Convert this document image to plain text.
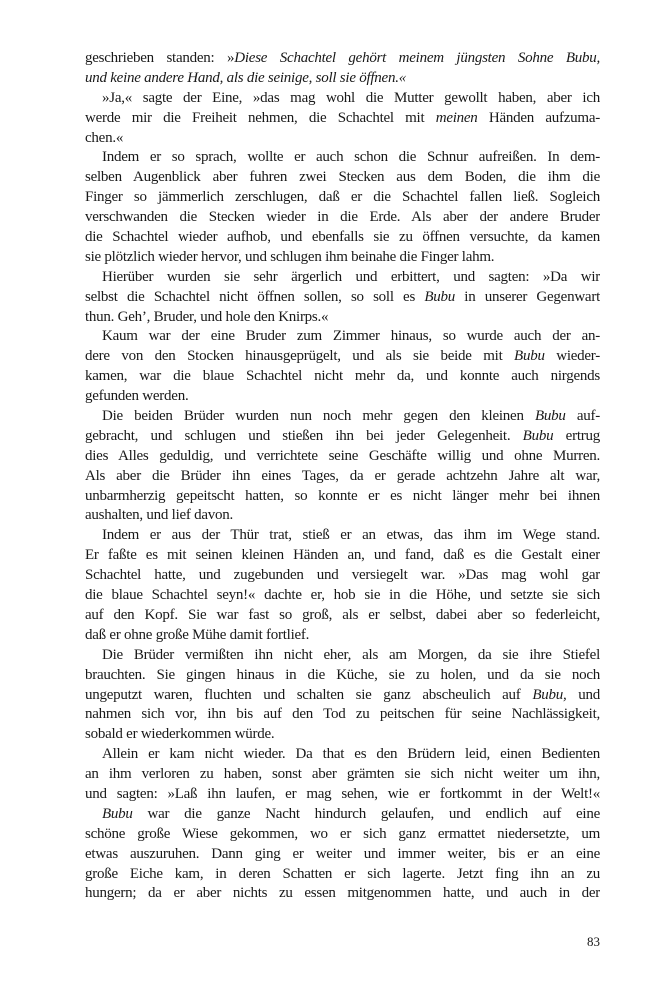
geschrieben standen: »Diese Schachtel gehört meinem jüngsten Sohne Bubu,
und keine andere Hand, als die seinige, soll sie öffnen.«
»Ja,« sagte der Eine, »das mag wohl die Mutter gewollt haben, aber ich
werde mir die Freiheit nehmen, die Schachtel mit meinen Händen aufzuma-
chen.«
Indem er so sprach, wollte er auch schon die Schnur aufreißen. In dem-
selben Augenblick aber fuhren zwei Stecken aus dem Boden, die ihm die
Finger so jämmerlich zerschlugen, daß er die Schachtel fallen ließ. Sogleich
verschwanden die Stecken wieder in die Erde. Als aber der andere Bruder
die Schachtel wieder aufhob, und ebenfalls sie zu öffnen versuchte, da kamen
sie plötzlich wieder hervor, und schlugen ihm beinahe die Finger lahm.
Hierüber wurden sie sehr ärgerlich und erbittert, und sagten: »Da wir
selbst die Schachtel nicht öffnen sollen, so soll es Bubu in unserer Gegenwart
thun. Geh’, Bruder, und hole den Knirps.«
Kaum war der eine Bruder zum Zimmer hinaus, so wurde auch der an-
dere von den Stocken hinausgeprügelt, und als sie beide mit Bubu wieder-
kamen, war die blaue Schachtel nicht mehr da, und konnte auch nirgends
gefunden werden.
Die beiden Brüder wurden nun noch mehr gegen den kleinen Bubu auf-
gebracht, und schlugen und stießen ihn bei jeder Gelegenheit. Bubu ertrug
dies Alles geduldig, und verrichtete seine Geschäfte willig und ohne Murren.
Als aber die Brüder ihn eines Tages, da er gerade achtzehn Jahre alt war,
unbarmherzig gepeitscht hatten, so konnte er es nicht länger mehr bei ihnen
aushalten, und lief davon.
Indem er aus der Thür trat, stieß er an etwas, das ihm im Wege stand.
Er faßte es mit seinen kleinen Händen an, und fand, daß es die Gestalt einer
Schachtel hatte, und zugebunden und versiegelt war. »Das mag wohl gar
die blaue Schachtel seyn!« dachte er, hob sie in die Höhe, und setzte sie sich
auf den Kopf. Sie war fast so groß, als er selbst, dabei aber so federleicht,
daß er ohne große Mühe damit fortlief.
Die Brüder vermißten ihn nicht eher, als am Morgen, da sie ihre Stiefel
brauchten. Sie gingen hinaus in die Küche, sie zu holen, und da sie noch
ungeputzt waren, fluchten und schalten sie ganz abscheulich auf Bubu, und
nahmen sich vor, ihn bis auf den Tod zu peitschen für seine Nachlässigkeit,
sobald er wiederkommen würde.
Allein er kam nicht wieder. Da that es den Brüdern leid, einen Bedienten
an ihm verloren zu haben, sonst aber grämten sie sich nicht weiter um ihn,
und sagten: »Laß ihn laufen, er mag sehen, wie er fortkommt in der Welt!«
Bubu war die ganze Nacht hindurch gelaufen, und endlich auf eine
schöne große Wiese gekommen, wo er sich ganz ermattet niedersetzte, um
etwas auszuruhen. Dann ging er weiter und immer weiter, bis er an eine
große Eiche kam, in deren Schatten er sich lagerte. Jetzt fing ihn an zu
hungern; da er aber nichts zu essen mitgenommen hatte, und auch in der
83
